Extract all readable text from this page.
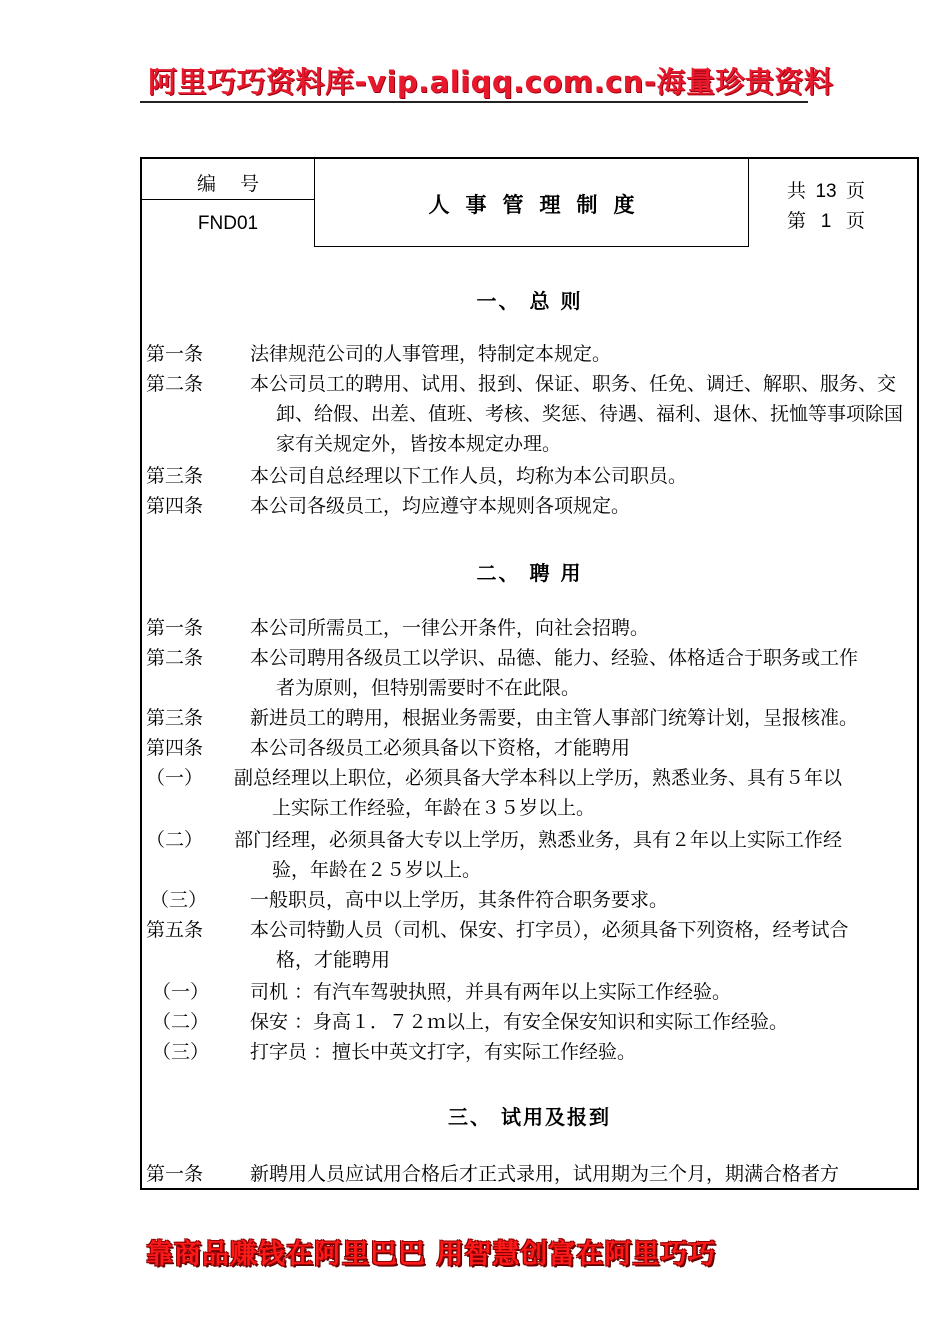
阿里巧巧资料库-vip.aliqq.com.cn-海量珍贵资料
编号
FND01
人事管理制度
共 13 页
第 1 页
一、 总 则
第一条 法律规范公司的人事管理，特制定本规定。
第二条 本公司员工的聘用、试用、报到、保证、职务、任免、调迁、解职、服务、交
卸、给假、出差、值班、考核、奖惩、待遇、福利、退休、抚恤等事项除国
家有关规定外，皆按本规定办理。
第三条 本公司自总经理以下工作人员，均称为本公司职员。
第四条 本公司各级员工，均应遵守本规则各项规定。
二、 聘 用
第一条 本公司所需员工，一律公开条件，向社会招聘。
第二条 本公司聘用各级员工以学识、品德、能力、经验、体格适合于职务或工作
者为原则，但特别需要时不在此限。
第三条 新进员工的聘用，根据业务需要，由主管人事部门统筹计划，呈报核准。
第四条 本公司各级员工必须具备以下资格，才能聘用
（一） 副总经理以上职位，必须具备大学本科以上学历，熟悉业务、具有５年以
上实际工作经验，年龄在３５岁以上。
（二） 部门经理，必须具备大专以上学历，熟悉业务，具有２年以上实际工作经
验，年龄在２５岁以上。
（三） 一般职员，高中以上学历，其条件符合职务要求。
第五条 本公司特勤人员（司机、保安、打字员），必须具备下列资格，经考试合
格，才能聘用
（一） 司机 ：有汽车驾驶执照，并具有两年以上实际工作经验。
（二） 保安 ：身高１．７２ｍ以上，有安全保安知识和实际工作经验。
（三） 打字员 ：擅长中英文打字，有实际工作经验。
三、 试用及报到
第一条 新聘用人员应试用合格后才正式录用，试用期为三个月，期满合格者方
靠商品赚钱在阿里巴巴 用智慧创富在阿里巧巧
